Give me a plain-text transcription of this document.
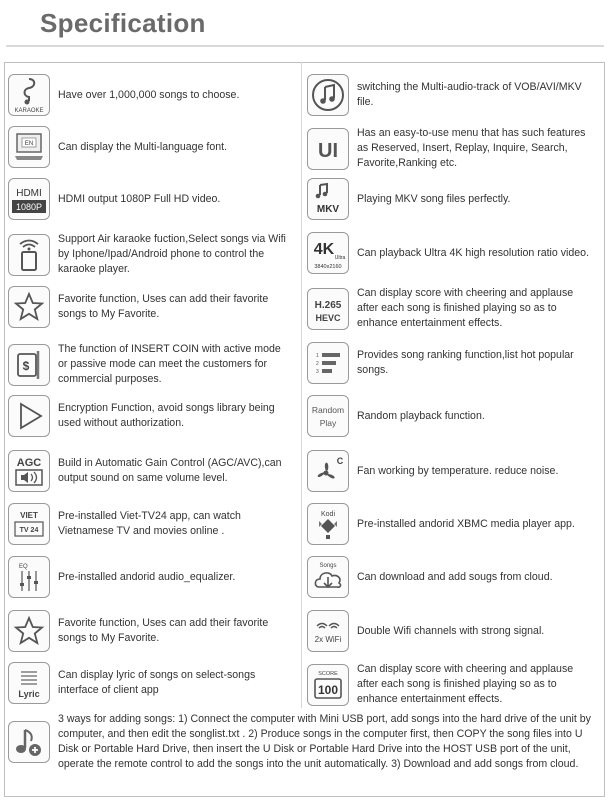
Specification
KARAOKE
Have over 1,000,000 songs to choose.
switching the Multi-audio-track of VOB/AVI/MKV file.
EN Can display the Multi-language font.	UI
Has an easy-to-use menu that has such features as Reserved, Insert, Replay, Inquire, Search, Favorite,Ranking etc.
HDMI
1080P
HDMI output 1080P Full HD video.
MKV
Playing MKV song files perfectly.
Support Air karaoke fuction,Select songs via Wifi by Iphone/Ipad/Android phone to control the karaoke player.
4K Ultra
3840x2160
Can playback Ultra 4K high resolution ratio video.
Favorite function, Uses can add their favorite songs to My Favorite.
H.265
HEVC
Can display score with cheering and applause after each song is finished playing so as to enhance entertainment effects.
$
The function of INSERT COIN with active mode or passive mode can meet the customers for commercial purposes.
1
2
3
Provides song ranking function,list hot popular songs.
Encryption Function, avoid songs library being used without authorization.
Random
Play
Random playback function.
AGC Build in Automatic Gain Control (AGC/AVC),can output sound on same volume level.
C
Fan working by temperature. reduce noise.
VIET
TV 24
Pre-installed Viet-TV24 app, can watch Vietnamese TV and movies online .
Kodi
Pre-installed andorid XBMC media player app.
EQ
Pre-installed andorid audio_equalizer.
Songs
Can download and add sougs from cloud.
Favorite function, Uses can add their favorite songs to My Favorite.	2x WiFi
Double Wifi channels with strong signal.
Lyric
Can display lyric of songs on select-songs interface of client app
SCORE
100
Can display score with cheering and applause after each song is finished playing so as to enhance entertainment effects.
3 ways for adding songs: 1) Connect the computer with Mini USB port, add songs into the hard drive of the unit by computer, and then edit the songlist.txt . 2) Produce songs in the computer first, then COPY the song files into U Disk or Portable Hard Drive, then insert the U Disk or Portable Hard Drive into the HOST USB port of the unit, operate the remote control to add the songs into the unit automatically. 3) Download and add songs from cloud.
